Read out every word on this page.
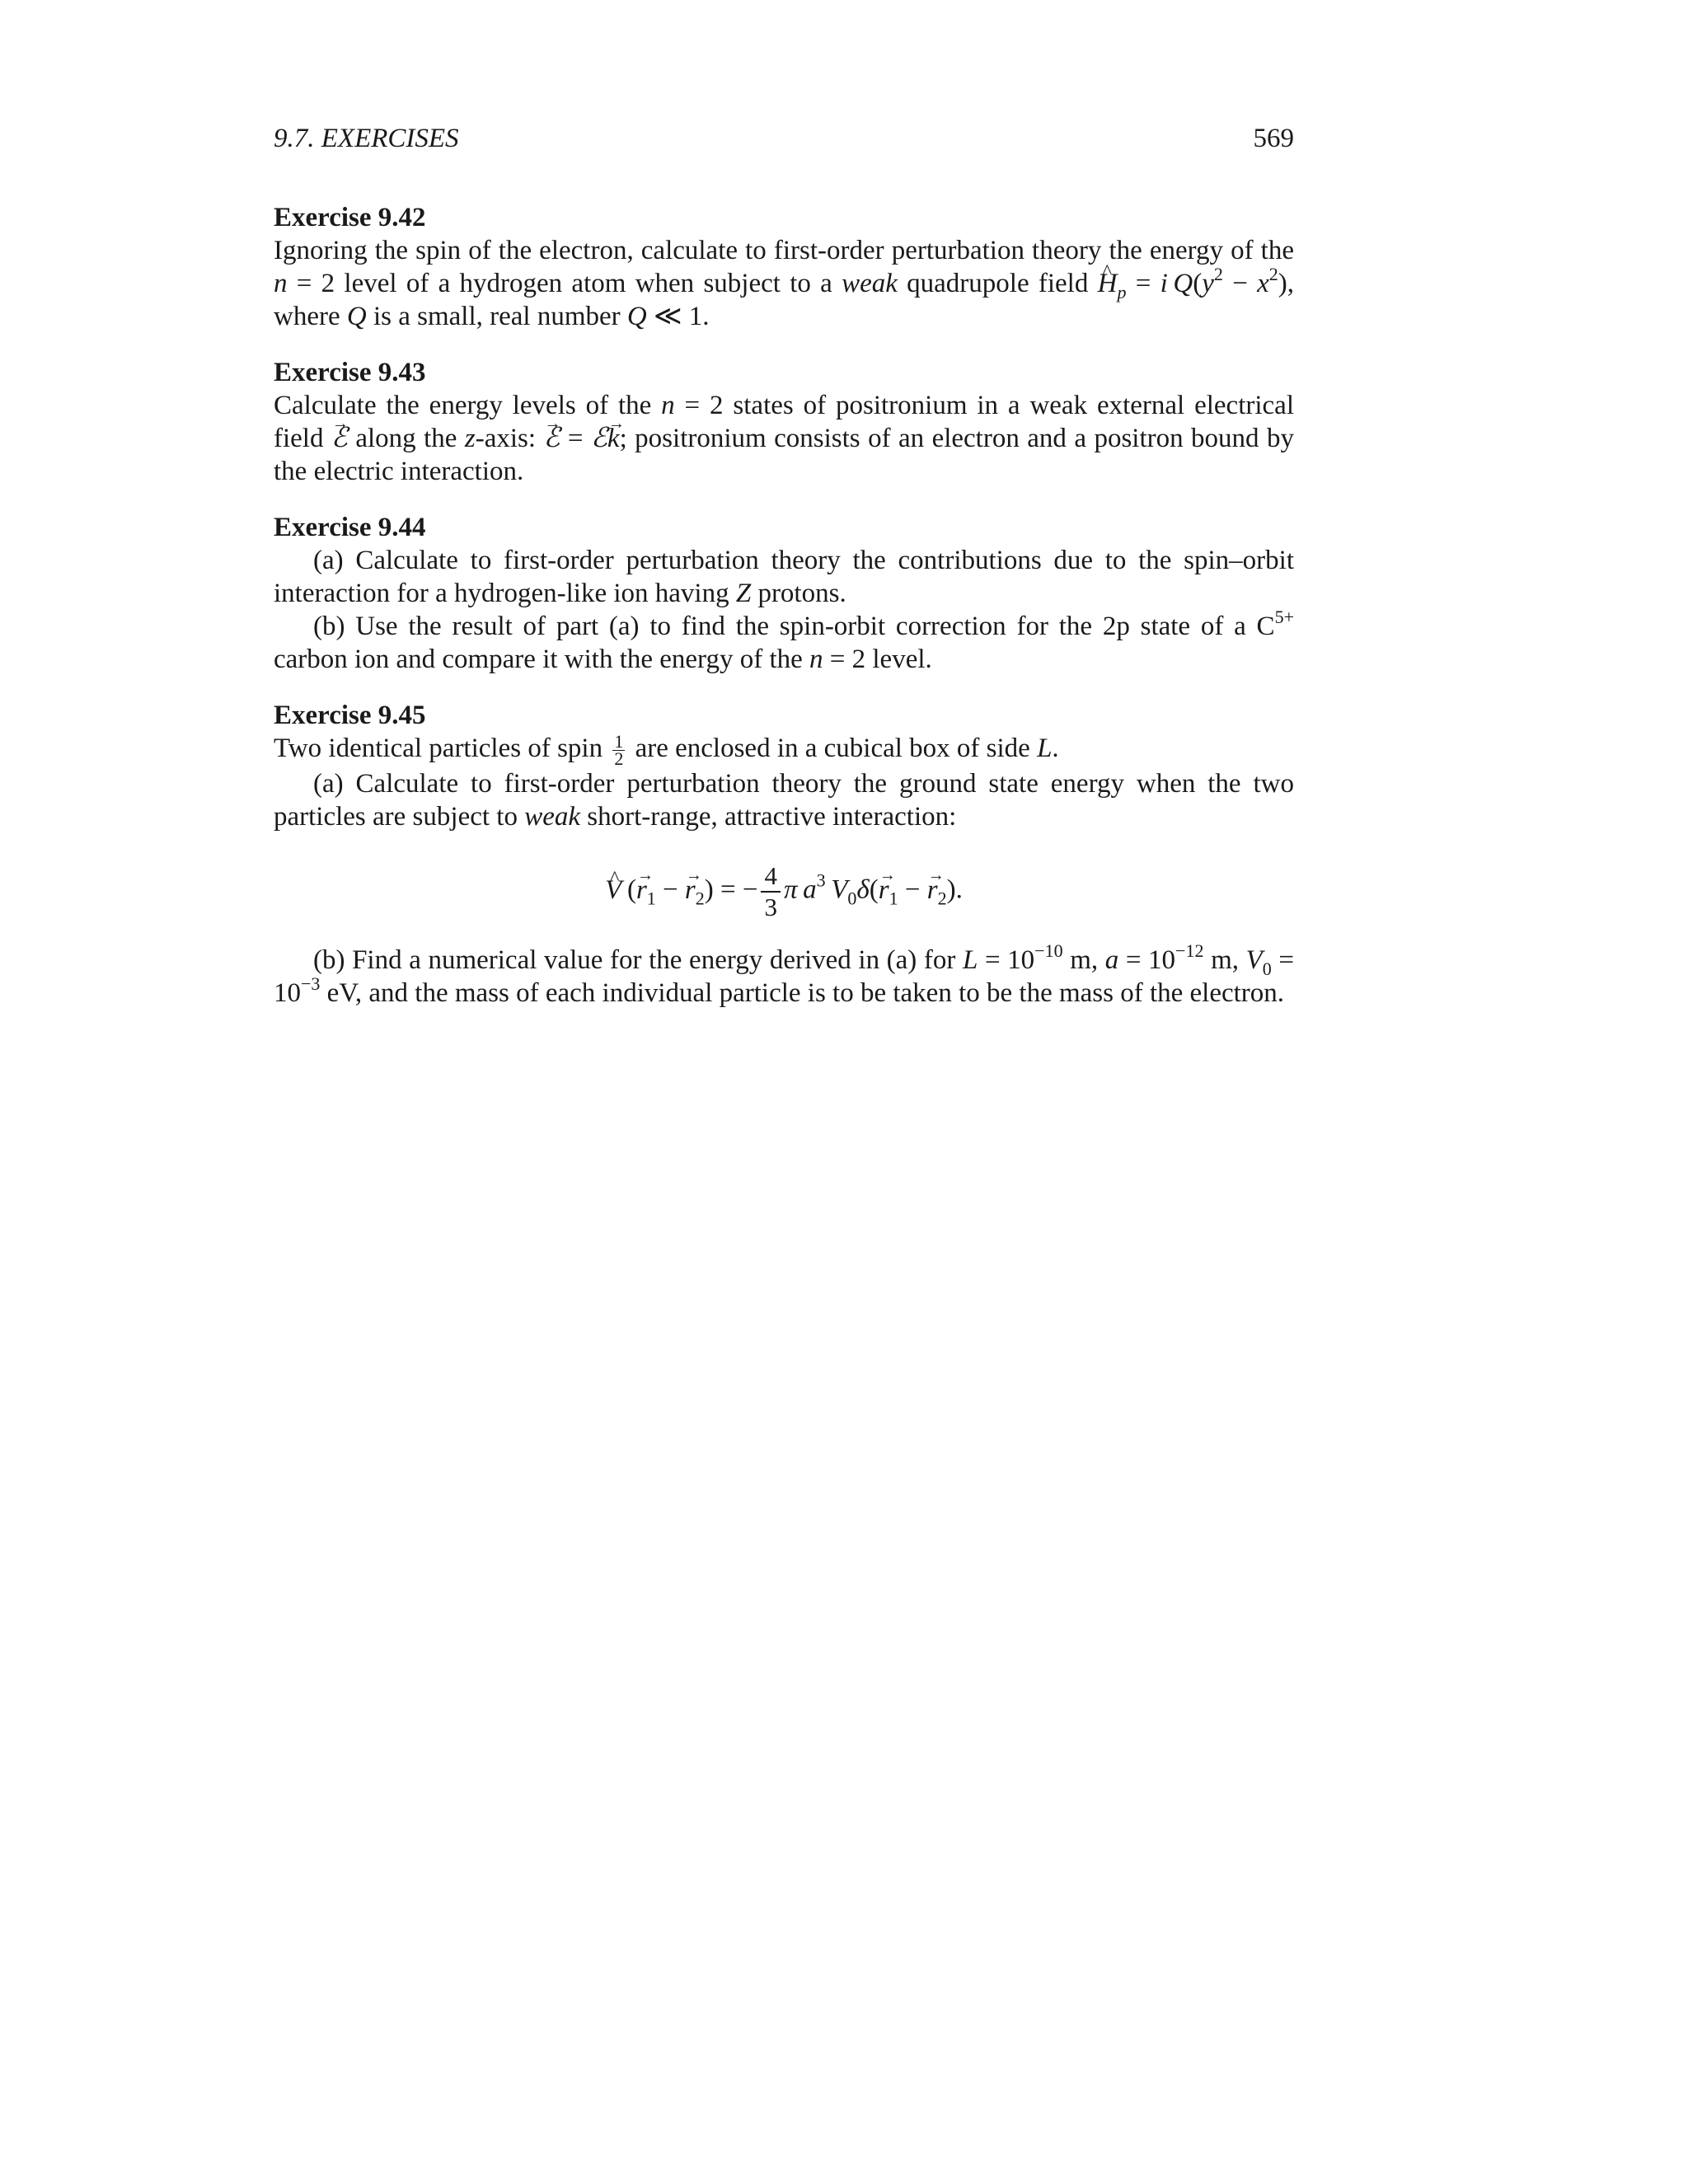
9.7. EXERCISES	569
Exercise 9.42
Ignoring the spin of the electron, calculate to first-order perturbation theory the energy of the n = 2 level of a hydrogen atom when subject to a weak quadrupole field ^ $H_p = i$  $Q(y^2 - x^2)$, where Q is a small, real number Q ≪ 1.
Exercise 9.43
Calculate the energy levels of the n = 2 states of positronium in a weak external electrical field → ℰ along the z-axis: → ℰ = ℰ→ k; positronium consists of an electron and a positron bound by the electric interaction.
Exercise 9.44
(a) Calculate to first-order perturbation theory the contributions due to the spin–orbit interaction for a hydrogen-like ion having Z protons.
(b) Use the result of part (a) to find the spin-orbit correction for the 2p state of a $C^{5+}$ carbon ion and compare it with the energy of the n = 2 level.
Exercise 9.45
Two identical particles of spin $\frac{1}{2}$ are enclosed in a cubical box of side L.
(a) Calculate to first-order perturbation theory the ground state energy when the two particles are subject to weak short-range, attractive interaction:
^ V (→ $r_1$ − → $r_2$) = − $\frac{4}{3}$ π  $a^3$  $V_0\delta(\to r_1$ − → $r_2$).
(b) Find a numerical value for the energy derived in (a) for $L = 10^{-10}$ m, $a = 10^{-12}$ m, $V_0 = 10^{-3}$ eV, and the mass of each individual particle is to be taken to be the mass of the electron.
